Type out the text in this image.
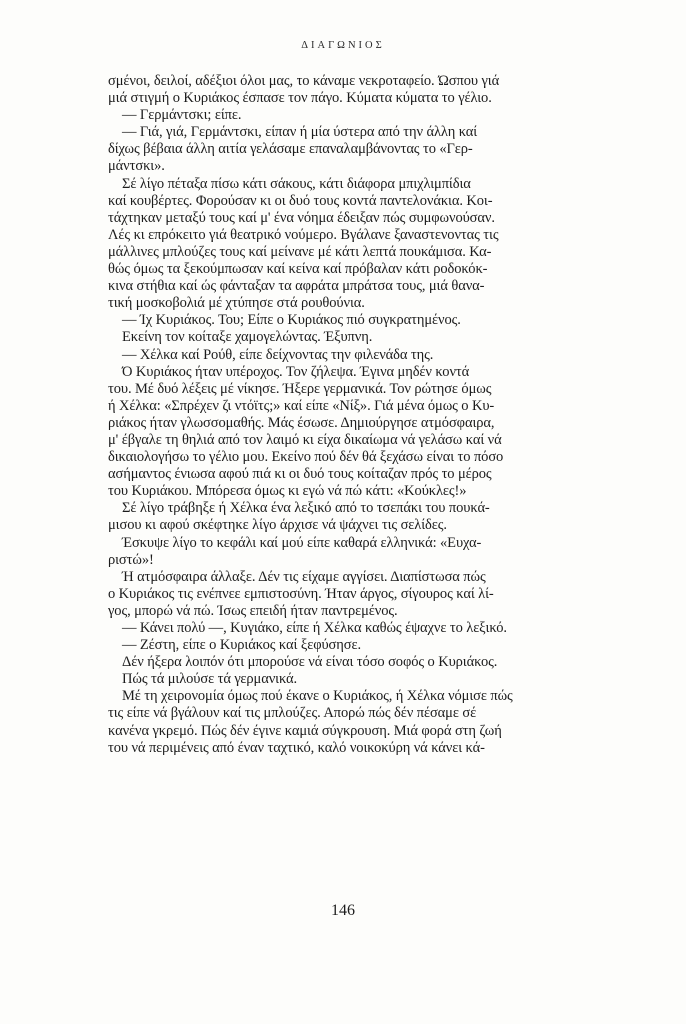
ΔΙΑΓΩΝΙΟΣ
σμένοι, δειλοί, αδέξιοι όλοι μας, το κάναμε νεκροταφείο. Ώσπου γιά
μιά στιγμή ο Κυριάκος έσπασε τον πάγο. Κύματα κύματα το γέλιο.
— Γερμάντσκι; είπε.
— Γιά, γιά, Γερμάντσκι, είπαν ή μία ύστερα από την άλλη καί
δίχως βέβαια άλλη αιτία γελάσαμε επαναλαμβάνοντας το «Γερ-
μάντσκι».
Σέ λίγο πέταξα πίσω κάτι σάκους, κάτι διάφορα μπιχλιμπίδια
καί κουβέρτες. Φορούσαν κι οι δυό τους κοντά παντελονάκια. Κοι-
τάχτηκαν μεταξύ τους καί μ' ένα νόημα έδειξαν πώς συμφωνούσαν.
Λές κι επρόκειτο γιά θεατρικό νούμερο. Βγάλανε ξαναστενοντας τις
μάλλινες μπλούζες τους καί μείνανε μέ κάτι λεπτά πουκάμισα. Κα-
θώς όμως τα ξεκούμπωσαν καί κείνα καί πρόβαλαν κάτι ροδοκόκ-
κινα στήθια καί ώς φάνταξαν τα αφράτα μπράτσα τους, μιά θανα-
τική μοσκοβολιά μέ χτύπησε στά ρουθούνια.
— Ίχ Κυριάκος. Του; Είπε ο Κυριάκος πιό συγκρατημένος.
Εκείνη τον κοίταξε χαμογελώντας. Έξυπνη.
— Χέλκα καί Ρούθ, είπε δείχνοντας την φιλενάδα της.
Ό Κυριάκος ήταν υπέροχος. Τον ζήλεψα. Έγινα μηδέν κοντά
του. Μέ δυό λέξεις μέ νίκησε. Ήξερε γερμανικά. Τον ρώτησε όμως
ή Χέλκα: «Σπρέχεν ζι ντόϊτς;» καί είπε «Νίξ». Γιά μένα όμως ο Κυ-
ριάκος ήταν γλωσσομαθής. Μάς έσωσε. Δημιούργησε ατμόσφαιρα,
μ' έβγαλε τη θηλιά από τον λαιμό κι είχα δικαίωμα νά γελάσω καί νά
δικαιολογήσω το γέλιο μου. Εκείνο πού δέν θά ξεχάσω είναι το πόσο
ασήμαντος ένιωσα αφού πιά κι οι δυό τους κοίταζαν πρός το μέρος
του Κυριάκου. Μπόρεσα όμως κι εγώ νά πώ κάτι: «Κούκλες!»
Σέ λίγο τράβηξε ή Χέλκα ένα λεξικό από το τσεπάκι του πουκά-
μισου κι αφού σκέφτηκε λίγο άρχισε νά ψάχνει τις σελίδες.
Έσκυψε λίγο το κεφάλι καί μού είπε καθαρά ελληνικά: «Ευχα-
ριστώ»!
Ή ατμόσφαιρα άλλαξε. Δέν τις είχαμε αγγίσει. Διαπίστωσα πώς
ο Κυριάκος τις ενέπνεε εμπιστοσύνη. Ήταν άργος, σίγουρος καί λί-
γος, μπορώ νά πώ. Ίσως επειδή ήταν παντρεμένος.
— Κάνει πολύ —, Κυγιάκο, είπε ή Χέλκα καθώς έψαχνε το λεξικό.
— Ζέστη, είπε ο Κυριάκος καί ξεφύσησε.
Δέν ήξερα λοιπόν ότι μπορούσε νά είναι τόσο σοφός ο Κυριάκος.
Πώς τά μιλούσε τά γερμανικά.
Μέ τη χειρονομία όμως πού έκανε ο Κυριάκος, ή Χέλκα νόμισε πώς
τις είπε νά βγάλουν καί τις μπλούζες. Απορώ πώς δέν πέσαμε σέ
κανένα γκρεμό. Πώς δέν έγινε καμιά σύγκρουση. Μιά φορά στη ζωή
του νά περιμένεις από έναν ταχτικό, καλό νοικοκύρη νά κάνει κά-
146
